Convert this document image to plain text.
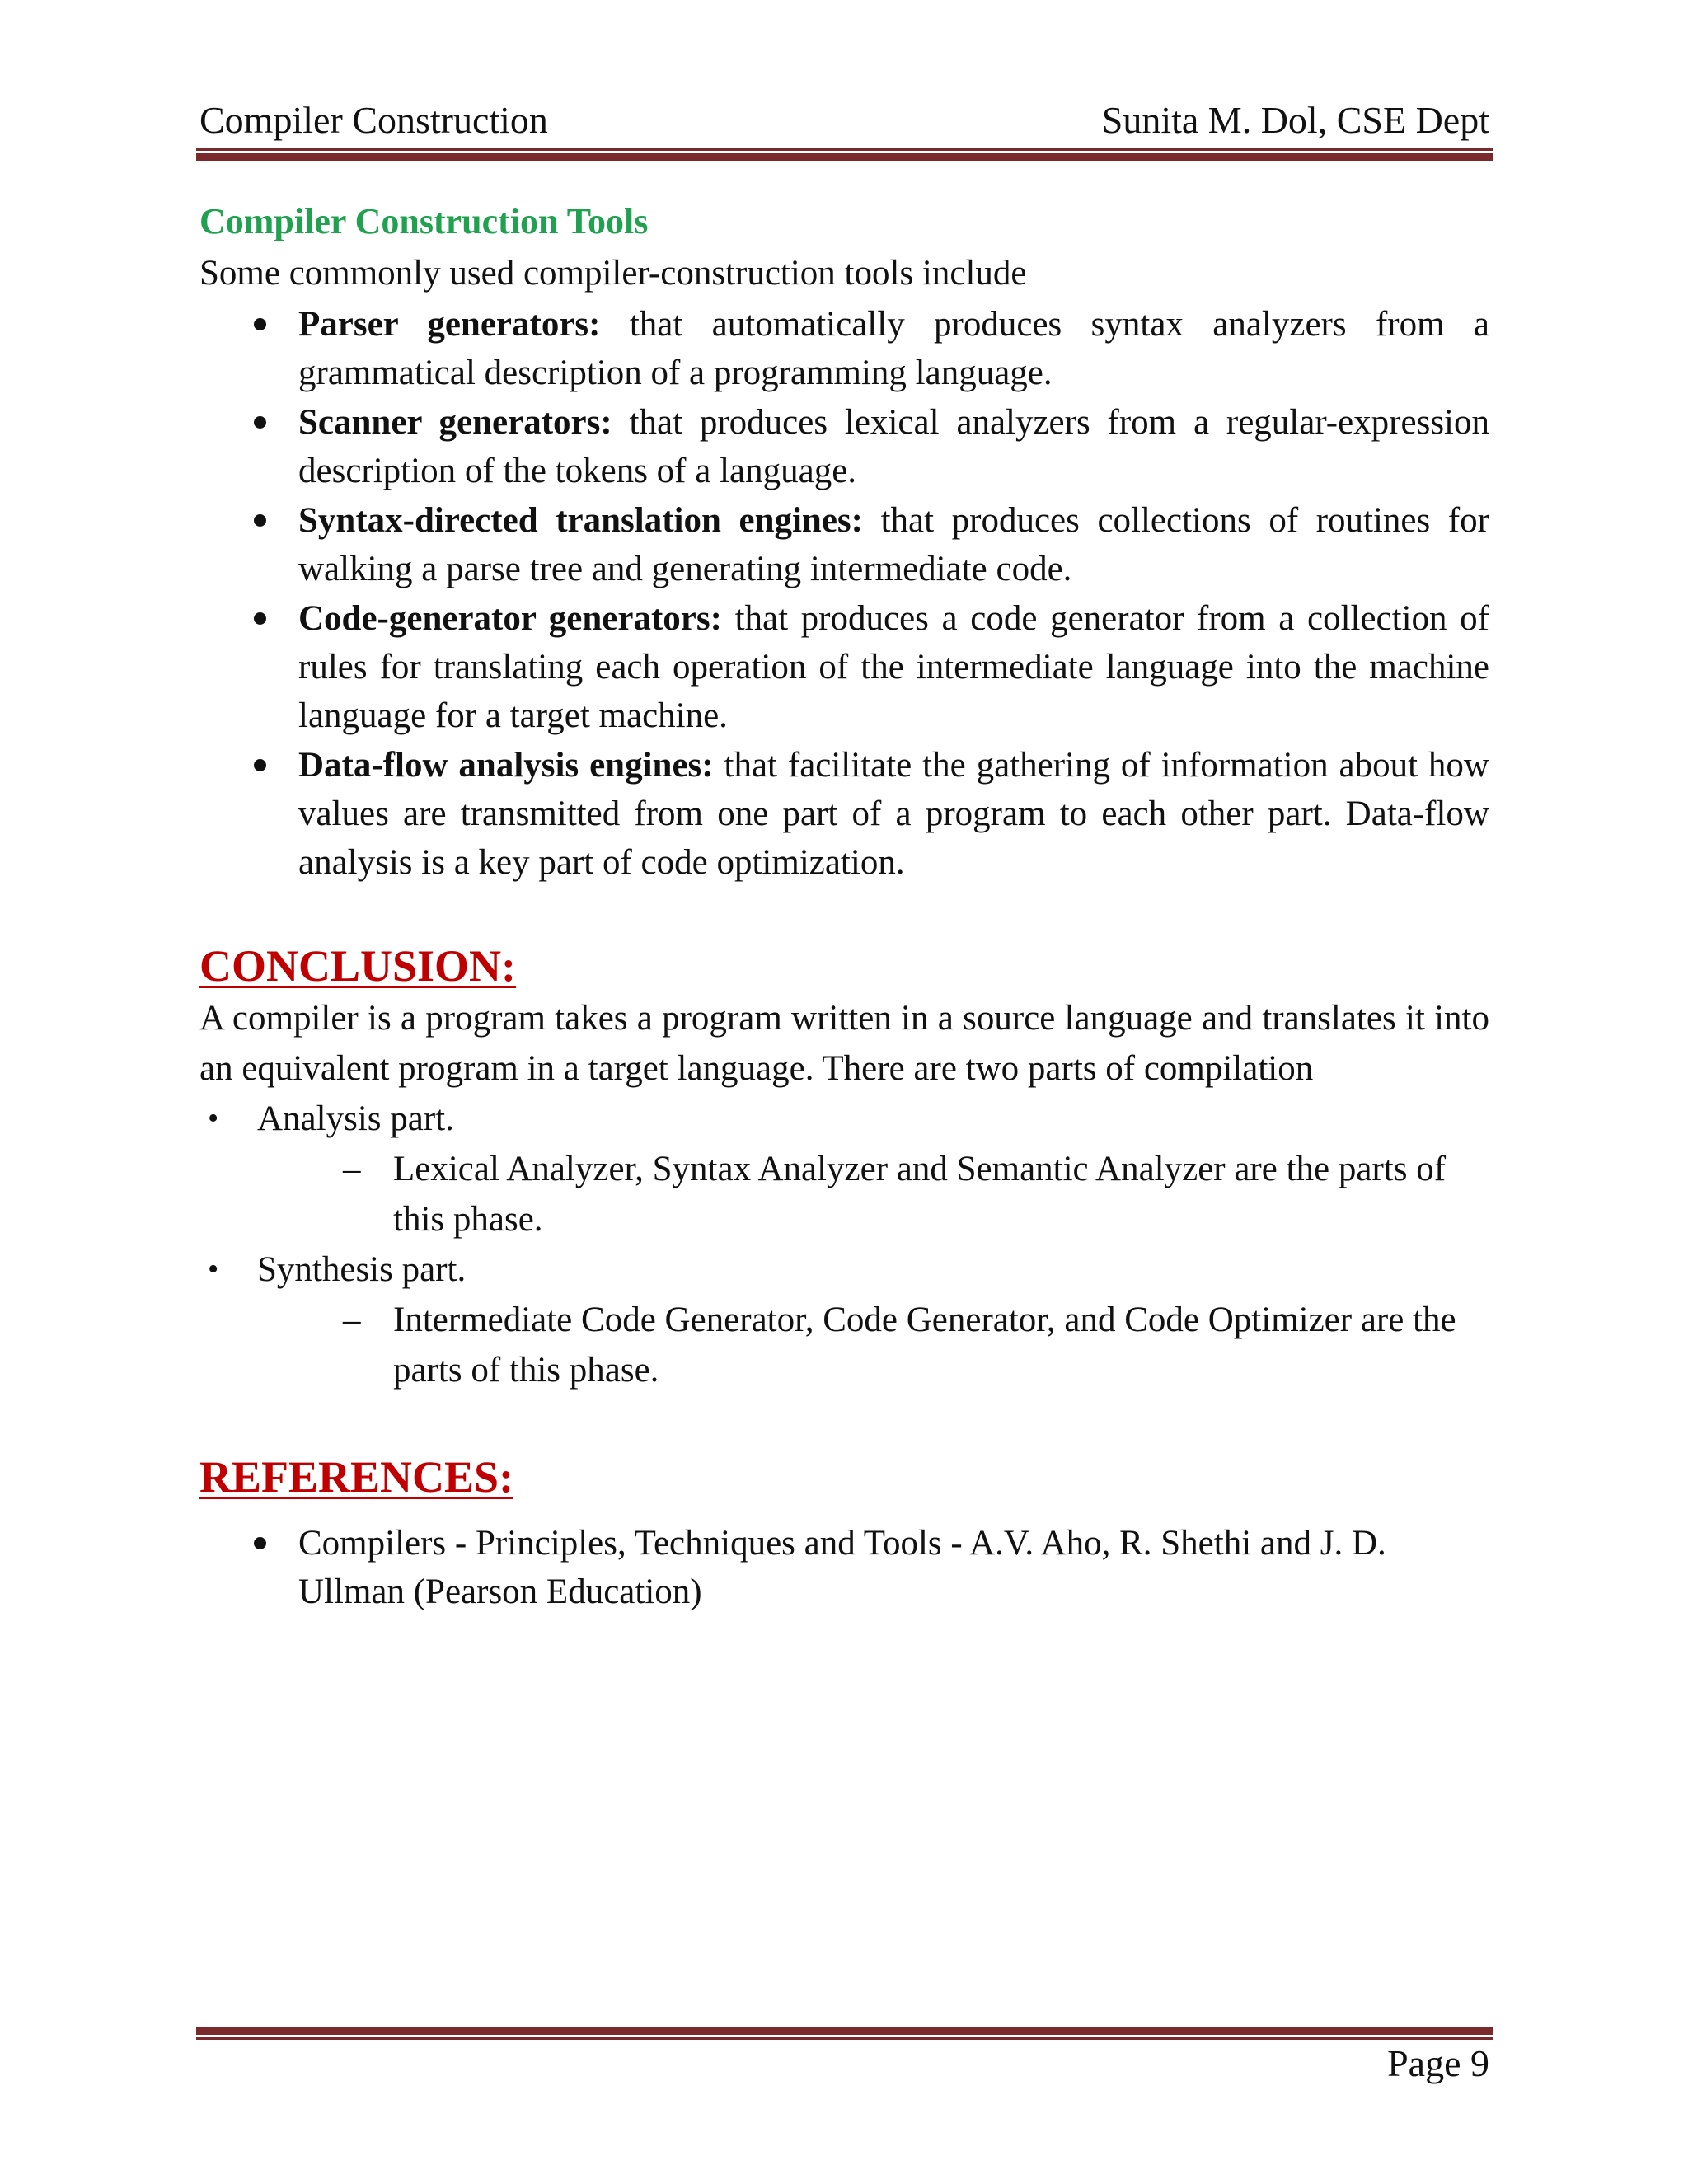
Compiler Construction	Sunita M. Dol, CSE Dept
Compiler Construction Tools

Some commonly used compiler-construction tools include

Parser generators: that automatically produces syntax analyzers from a grammatical description of a programming language.
Scanner generators: that produces lexical analyzers from a regular-expression description of the tokens of a language.
Syntax-directed translation engines: that produces collections of routines for walking a parse tree and generating intermediate code.
Code-generator generators: that produces a code generator from a collection of rules for translating each operation of the intermediate language into the machine language for a target machine.
Data-flow analysis engines: that facilitate the gathering of information about how values are transmitted from one part of a program to each other part. Data-flow analysis is a key part of code optimization.
CONCLUSION:

A compiler is a program takes a program written in a source language and translates it into an equivalent program in a target language. There are two parts of compilation

• Analysis part.
– Lexical Analyzer, Syntax Analyzer and Semantic Analyzer are the parts of this phase.
• Synthesis part.
– Intermediate Code Generator, Code Generator, and Code Optimizer are the parts of this phase.
REFERENCES:
Compilers - Principles, Techniques and Tools - A.V. Aho, R. Shethi and J. D. Ullman (Pearson Education)
Page 9
